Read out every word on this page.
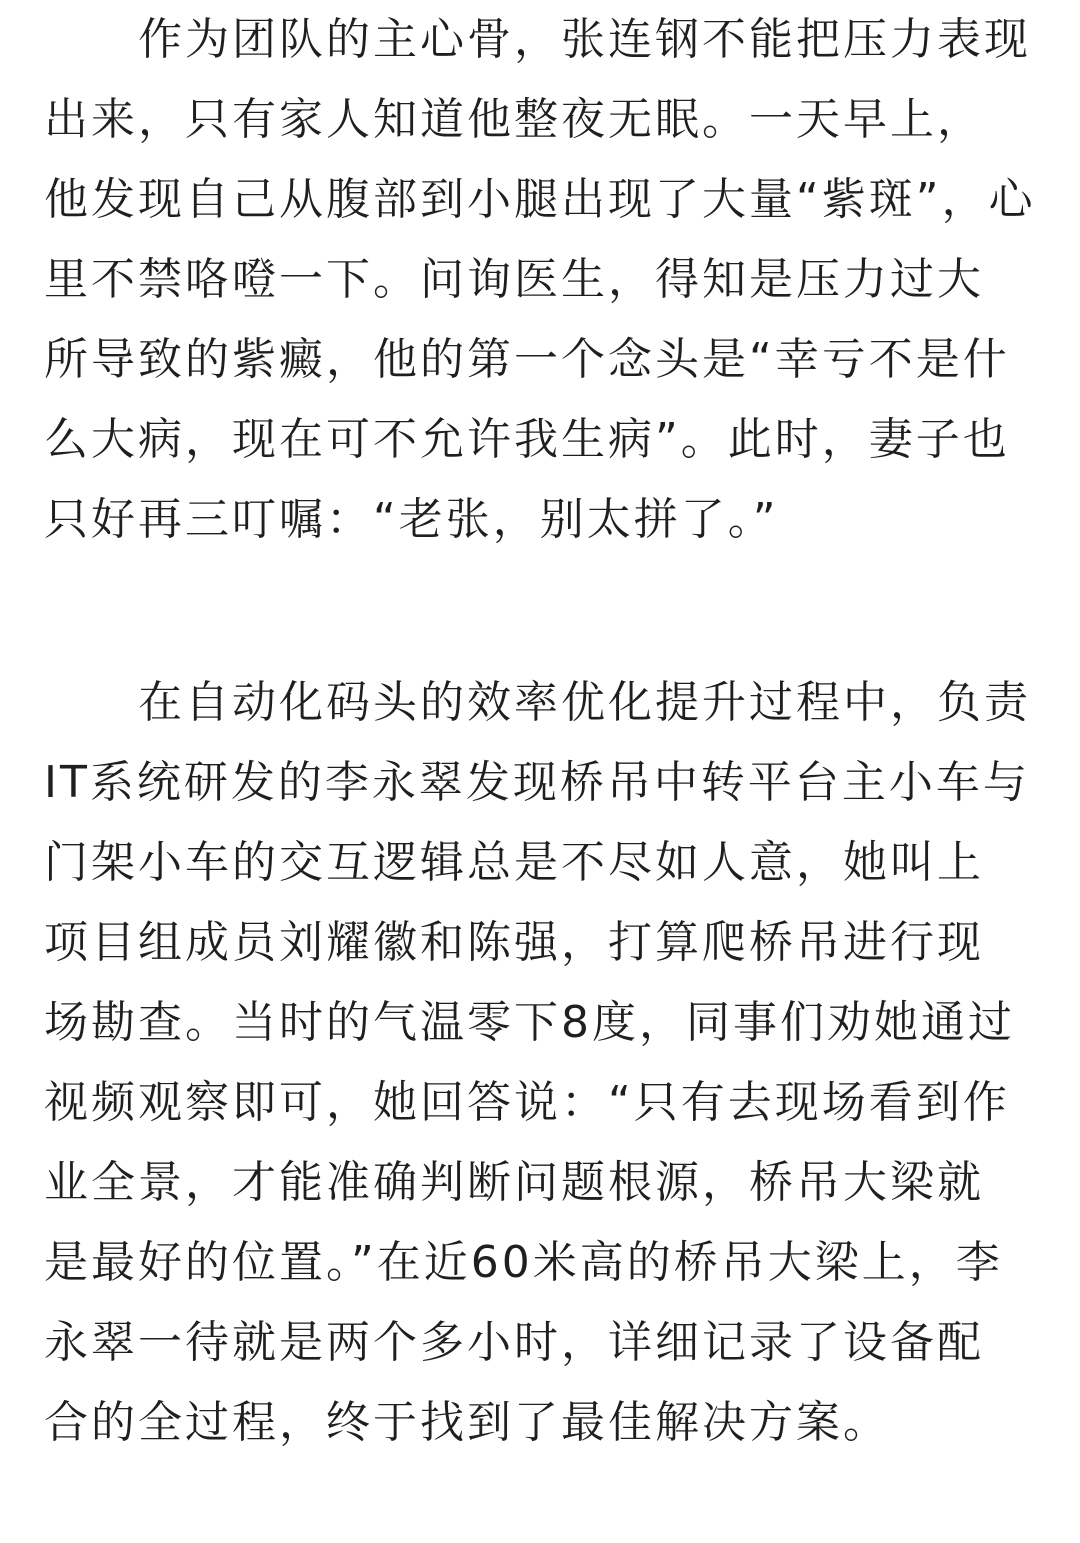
　　作为团队的主心骨，张连钢不能把压力表现
出来，只有家人知道他整夜无眠。一天早上，
他发现自己从腹部到小腿出现了大量“紫斑”，心
里不禁咯噔一下。问询医生，得知是压力过大
所导致的紫癜，他的第一个念头是“幸亏不是什
么大病，现在可不允许我生病”。此时，妻子也
只好再三叮嘱：“老张，别太拼了。”

　　在自动化码头的效率优化提升过程中，负责
IT系统研发的李永翠发现桥吊中转平台主小车与
门架小车的交互逻辑总是不尽如人意，她叫上
项目组成员刘耀徽和陈强，打算爬桥吊进行现
场勘查。当时的气温零下8度，同事们劝她通过
视频观察即可，她回答说：“只有去现场看到作
业全景，才能准确判断问题根源，桥吊大梁就
是最好的位置。”在近60米高的桥吊大梁上，李
永翠一待就是两个多小时，详细记录了设备配
合的全过程，终于找到了最佳解决方案。
